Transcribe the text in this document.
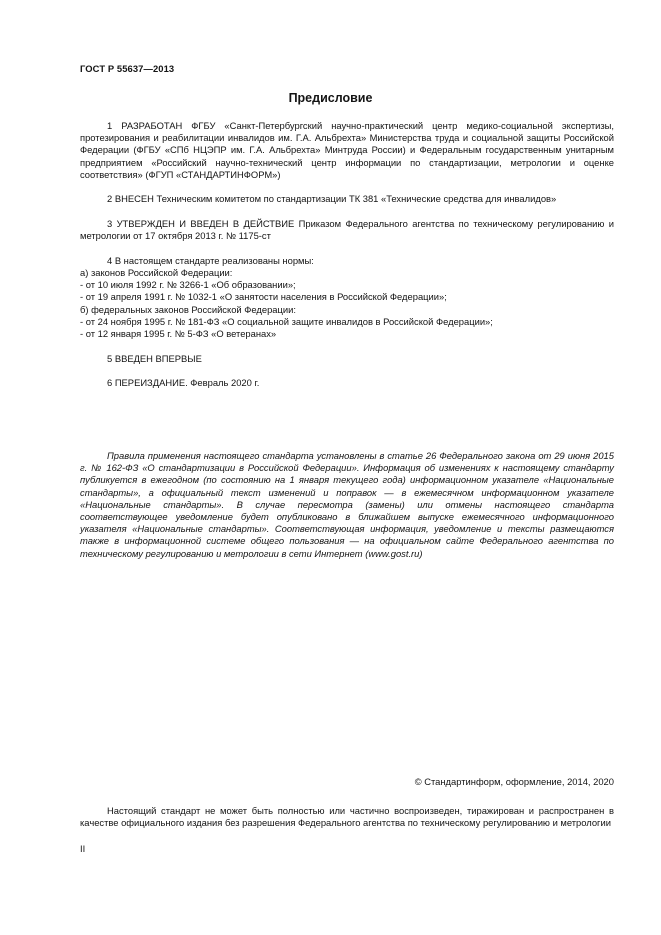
ГОСТ Р 55637—2013
Предисловие

1 РАЗРАБОТАН ФГБУ «Санкт-Петербургский научно-практический центр медико-социальной экспертизы, протезирования и реабилитации инвалидов им. Г.А. Альбрехта» Министерства труда и социальной защиты Российской Федерации (ФГБУ «СПб НЦЭПР им. Г.А. Альбрехта» Минтруда России) и Федеральным государственным унитарным предприятием «Российский научно-технический центр информации по стандартизации, метрологии и оценке соответствия» (ФГУП «СТАНДАРТИНФОРМ»)

2 ВНЕСЕН Техническим комитетом по стандартизации ТК 381 «Технические средства для инвалидов»

3 УТВЕРЖДЕН И ВВЕДЕН В ДЕЙСТВИЕ Приказом Федерального агентства по техническому регулированию и метрологии от 17 октября 2013 г. № 1175-ст

4 В настоящем стандарте реализованы нормы:

а) законов Российской Федерации:

- от 10 июля 1992 г. № 3266-1 «Об образовании»;

- от 19 апреля 1991 г. № 1032-1 «О занятости населения в Российской Федерации»;

б) федеральных законов Российской Федерации:

- от 24 ноября 1995 г. № 181-ФЗ «О социальной защите инвалидов в Российской Федерации»;

- от 12 января 1995 г. № 5-ФЗ «О ветеранах»

5 ВВЕДЕН ВПЕРВЫЕ

6 ПЕРЕИЗДАНИЕ. Февраль 2020 г.

Правила применения настоящего стандарта установлены в статье 26 Федерального закона от 29 июня 2015 г. № 162-ФЗ «О стандартизации в Российской Федерации». Информация об изменениях к настоящему стандарту публикуется в ежегодном (по состоянию на 1 января текущего года) информационном указателе «Национальные стандарты», а официальный текст изменений и поправок — в ежемесячном информационном указателе «Национальные стандарты». В случае пересмотра (замены) или отмены настоящего стандарта соответствующее уведомление будет опубликовано в ближайшем выпуске ежемесячного информационного указателя «Национальные стандарты». Соответствующая информация, уведомление и тексты размещаются также в информационной системе общего пользования — на официальном сайте Федерального агентства по техническому регулированию и метрологии в сети Интернет (www.gost.ru)

© Стандартинформ, оформление, 2014, 2020

Настоящий стандарт не может быть полностью или частично воспроизведен, тиражирован и распространен в качестве официального издания без разрешения Федерального агентства по техническому регулированию и метрологии

II
